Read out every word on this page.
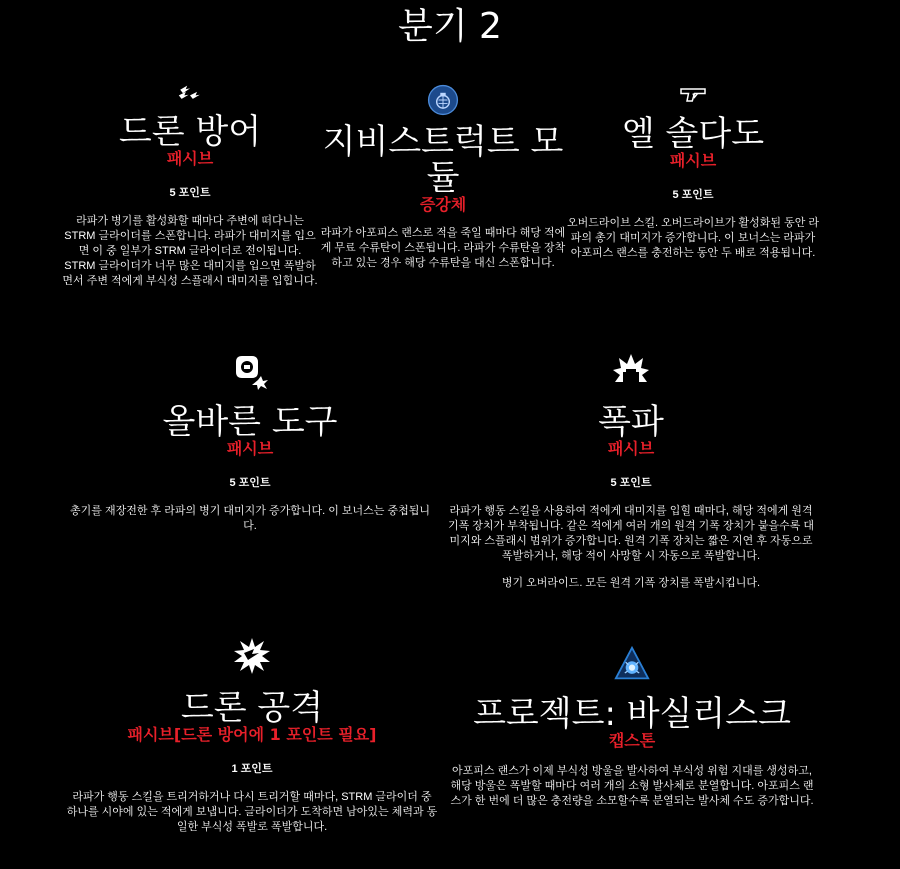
분기 2
드론 방어
패시브
5 포인트
라파가 병기를 활성화할 때마다 주변에 떠다니는 STRM 글라이더를 스폰합니다. 라파가 대미지를 입으면 이 중 일부가 STRM 글라이더로 전이됩니다. STRM 글라이더가 너무 많은 대미지를 입으면 폭발하면서 주변 적에게 부식성 스플래시 대미지를 입힙니다.
지비스트럭트 모듈
증강체
라파가 아포피스 랜스로 적을 죽일 때마다 해당 적에게 무료 수류탄이 스폰됩니다. 라파가 수류탄을 장착하고 있는 경우 해당 수류탄을 대신 스폰합니다.
엘 솔다도
패시브
5 포인트
오버드라이브 스킬. 오버드라이브가 활성화된 동안 라파의 총기 대미지가 증가합니다. 이 보너스는 라파가 아포피스 랜스를 충전하는 동안 두 배로 적용됩니다.
올바른 도구
패시브
5 포인트
총기를 재장전한 후 라파의 병기 대미지가 증가합니다. 이 보너스는 중첩됩니다.
폭파
패시브
5 포인트
라파가 행동 스킬을 사용하여 적에게 대미지를 입힐 때마다, 해당 적에게 원격 기폭 장치가 부착됩니다. 같은 적에게 여러 개의 원격 기폭 장치가 붙을수록 대미지와 스플래시 범위가 증가합니다. 원격 기폭 장치는 짧은 지연 후 자동으로 폭발하거나, 해당 적이 사망할 시 자동으로 폭발합니다.
병기 오버라이드. 모든 원격 기폭 장치를 폭발시킵니다.
드론 공격
패시브[드론 방어에 1 포인트 필요]
1 포인트
라파가 행동 스킬을 트리거하거나 다시 트리거할 때마다, STRM 글라이더 중 하나를 시야에 있는 적에게 보냅니다. 글라이더가 도착하면 남아있는 체력과 동일한 부식성 폭발로 폭발합니다.
프로젝트: 바실리스크
캡스톤
아포피스 랜스가 이제 부식성 방울을 발사하여 부식성 위험 지대를 생성하고, 해당 방울은 폭발할 때마다 여러 개의 소형 발사체로 분열합니다. 아포피스 랜스가 한 번에 더 많은 충전량을 소모할수록 분열되는 발사체 수도 증가합니다.
